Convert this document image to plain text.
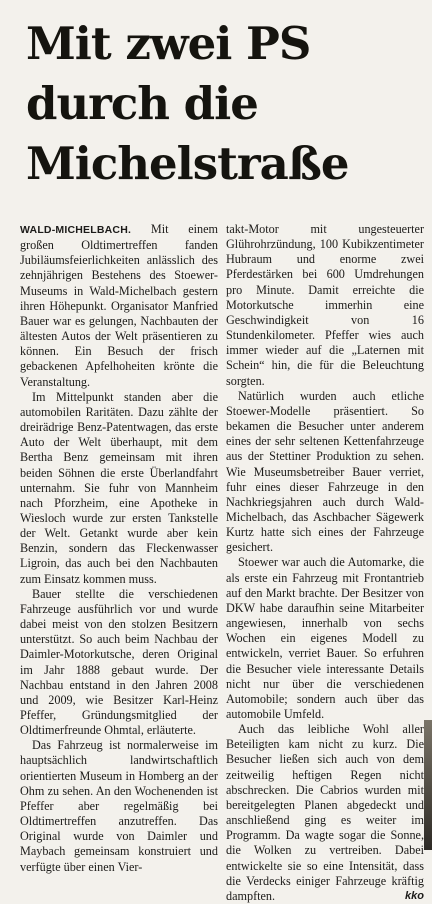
Mit zwei PS
durch die
Michelstraße

WALD-MICHELBACH. Mit einem großen Oldtimertreffen fanden Jubiläumsfeierlichkeiten anlässlich des zehnjährigen Bestehens des Stoewer-Museums in Wald-Michelbach gestern ihren Höhepunkt. Organisator Manfried Bauer war es gelungen, Nachbauten der ältesten Autos der Welt präsentieren zu können. Ein Besuch der frisch gebackenen Apfelhoheiten krönte die Veranstaltung.

Im Mittelpunkt standen aber die automobilen Raritäten. Dazu zählte der dreirädrige Benz-Patentwagen, das erste Auto der Welt überhaupt, mit dem Bertha Benz gemeinsam mit ihren beiden Söhnen die erste Überlandfahrt unternahm. Sie fuhr von Mannheim nach Pforzheim, eine Apotheke in Wiesloch wurde zur ersten Tankstelle der Welt. Getankt wurde aber kein Benzin, sondern das Fleckenwasser Ligroin, das auch bei den Nachbauten zum Einsatz kommen muss.

Bauer stellte die verschiedenen Fahrzeuge ausführlich vor und wurde dabei meist von den stolzen Besitzern unterstützt. So auch beim Nachbau der Daimler-Motorkutsche, deren Original im Jahr 1888 gebaut wurde. Der Nachbau entstand in den Jahren 2008 und 2009, wie Besitzer Karl-Heinz Pfeffer, Gründungsmitglied der Oldtimerfreunde Ohmtal, erläuterte.

Das Fahrzeug ist normalerweise im hauptsächlich landwirtschaftlich orientierten Museum in Homberg an der Ohm zu sehen. An den Wochenenden ist Pfeffer aber regelmäßig bei Oldtimertreffen anzutreffen. Das Original wurde von Daimler und Maybach gemeinsam konstruiert und verfügte über einen Vier-

takt-Motor mit ungesteuerter Glührohrzündung, 100 Kubikzentimeter Hubraum und enorme zwei Pferdestärken bei 600 Umdrehungen pro Minute. Damit erreichte die Motorkutsche immerhin eine Geschwindigkeit von 16 Stundenkilometer. Pfeffer wies auch immer wieder auf die „Laternen mit Schein“ hin, die für die Beleuchtung sorgten.

Natürlich wurden auch etliche Stoewer-Modelle präsentiert. So bekamen die Besucher unter anderem eines der sehr seltenen Kettenfahrzeuge aus der Stettiner Produktion zu sehen. Wie Museumsbetreiber Bauer verriet, fuhr eines dieser Fahrzeuge in den Nachkriegsjahren auch durch Wald-Michelbach, das Aschbacher Sägewerk Kurtz hatte sich eines der Fahrzeuge gesichert.

Stoewer war auch die Automarke, die als erste ein Fahrzeug mit Frontantrieb auf den Markt brachte. Der Besitzer von DKW habe daraufhin seine Mitarbeiter angewiesen, innerhalb von sechs Wochen ein eigenes Modell zu entwickeln, verriet Bauer. So erfuhren die Besucher viele interessante Details nicht nur über die verschiedenen Automobile; sondern auch über das automobile Umfeld.

Auch das leibliche Wohl aller Beteiligten kam nicht zu kurz. Die Besucher ließen sich auch von dem zeitweilig heftigen Regen nicht abschrecken. Die Cabrios wurden mit bereitgelegten Planen abgedeckt und anschließend ging es weiter im Programm. Da wagte sogar die Sonne, die Wolken zu vertreiben. Dabei entwickelte sie so eine Intensität, dass die Verdecks einiger Fahrzeuge kräftig dampften.	kko
